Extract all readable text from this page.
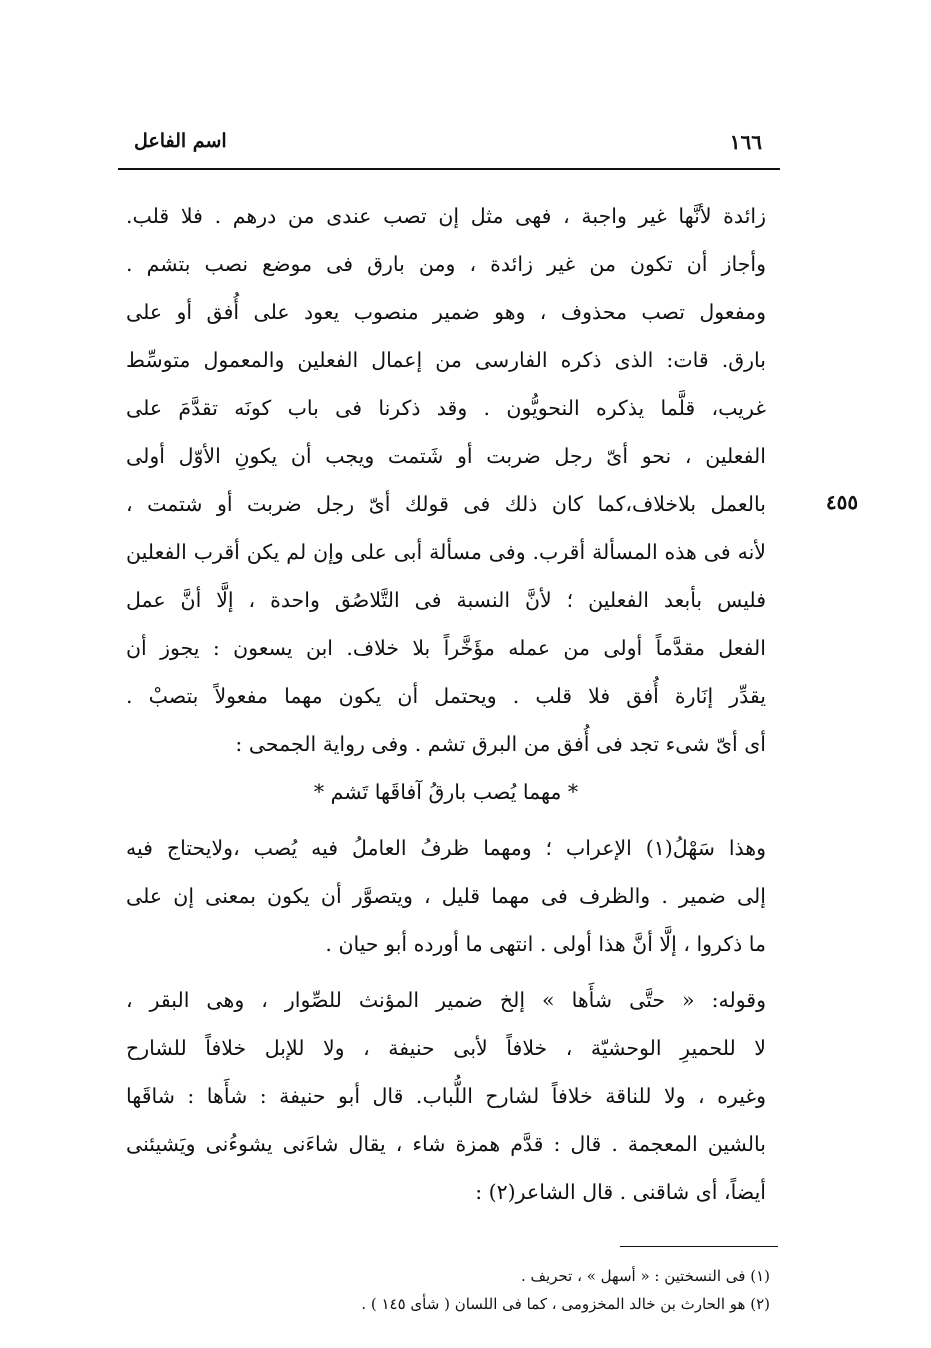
١٦٦
اسم الفاعل
٤٥٥
زائدة لأنَّها غير واجبة ، فهى مثل إن تصب عندى من درهم . فلا قلب.
وأجاز أن تكون من غير زائدة ، ومن بارق فى موضع نصب بتشم .
ومفعول تصب محذوف ، وهو ضمير منصوب يعود على أُفق أو على
بارق. قات: الذى ذكره الفارسى من إعمال الفعلين والمعمول متوسِّط
غريب، قلَّما يذكره النحويُّون . وقد ذكرنا فى باب كونَه تقدَّمَ على
الفعلين ، نحو أىّ رجل ضربت أو شَتمت ويجب أن يكونِ الأوّل أولى
بالعمل بلاخلاف،كما كان ذلك فى قولك أىّ رجل ضربت أو شتمت ،
لأنه فى هذه المسألة أقرب. وفى مسألة أبى على وإن لم يكن أقرب الفعلين
فليس بأبعد الفعلين ؛ لأنَّ النسبة فى التَّلاصُق واحدة ، إلَّا أنَّ عمل
الفعل مقدَّماً أولى من عمله مؤَخَّراً بلا خلاف. ابن يسعون : يجوز أن
يقدِّر إنَارة أُفق فلا قلب . ويحتمل أن يكون مهما مفعولاً بتصبْ .
أى أىّ شىء تجد فى أُفق من البرق تشم . وفى رواية الجمحى :
* مهما يُصب بارقُ آفاقَها تَشم *
وهذا سَهْلُ(١) الإعراب ؛ ومهما ظرفُ العاملُ فيه يُصب ،ولايحتاج فيه
إلى ضمير . والظرف فى مهما قليل ، ويتصوَّر أن يكون بمعنى إن على
ما ذكروا ، إلَّا أنَّ هذا أولى . انتهى ما أورده أبو حيان .
وقوله: « حتَّى شأَها » إلخ ضمير المؤنث للصِّوار ، وهى البقر ،
لا للحميرِ الوحشيّة ، خلافاً لأبى حنيفة ، ولا للإبل خلافاً للشارح
وغيره ، ولا للناقة خلافاً لشارح اللُّباب. قال أبو حنيفة : شأَها : شاقَها
بالشين المعجمة . قال : قدَّم همزة شاء ، يقال شاءَنى يشوءُنى ويَشيئنى
أيضاً، أى شاقنى . قال الشاعر(٢) :
(١) فى النسختين : « أسهل » ، تحريف .
(٢) هو الحارث بن خالد المخزومى ، كما فى اللسان ( شأى ١٤٥ ) .
